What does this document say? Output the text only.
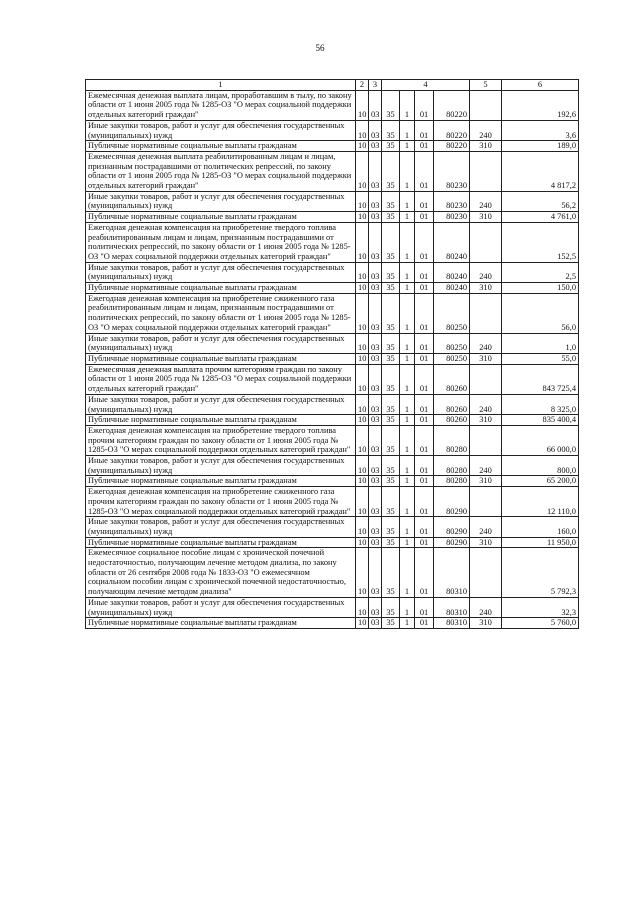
56
1	2	3	4				5	6
Ежемесячная денежная выплата лицам, проработавшим в тылу, по закону области от 1 июня 2005 года № 1285-ОЗ "О мерах социальной поддержки отдельных категорий граждан"	10	03	35	1	01	80220		192,6
Иные закупки товаров, работ и услуг для обеспечения государственных (муниципальных) нужд	10	03	35	1	01	80220	240	3,6
Публичные нормативные социальные выплаты гражданам	10	03	35	1	01	80220	310	189,0
Ежемесячная денежная выплата реабилитированным лицам и лицам, признанным пострадавшими от политических репрессий, по закону области от 1 июня 2005 года № 1285-ОЗ "О мерах социальной поддержки отдельных категорий граждан"	10	03	35	1	01	80230		4 817,2
Иные закупки товаров, работ и услуг для обеспечения государственных (муниципальных) нужд	10	03	35	1	01	80230	240	56,2
Публичные нормативные социальные выплаты гражданам	10	03	35	1	01	80230	310	4 761,0
Ежегодная денежная компенсация на приобретение твердого топлива реабилитированным лицам и лицам, признанным пострадавшими от политических репрессий, по закону области от 1 июня 2005 года № 1285-ОЗ "О мерах социальной поддержки отдельных категорий граждан"	10	03	35	1	01	80240		152,5
Иные закупки товаров, работ и услуг для обеспечения государственных (муниципальных) нужд	10	03	35	1	01	80240	240	2,5
Публичные нормативные социальные выплаты гражданам	10	03	35	1	01	80240	310	150,0
Ежегодная денежная компенсация на приобретение сжиженного газа реабилитированным лицам и лицам, признанным пострадавшими от политических репрессий, по закону области от 1 июня 2005 года № 1285-ОЗ "О мерах социальной поддержки отдельных категорий граждан"	10	03	35	1	01	80250		56,0
Иные закупки товаров, работ и услуг для обеспечения государственных (муниципальных) нужд	10	03	35	1	01	80250	240	1,0
Публичные нормативные социальные выплаты гражданам	10	03	35	1	01	80250	310	55,0
Ежемесячная денежная выплата прочим категориям граждан по закону области от 1 июня 2005 года № 1285-ОЗ "О мерах социальной поддержки отдельных категорий граждан"	10	03	35	1	01	80260		843 725,4
Иные закупки товаров, работ и услуг для обеспечения государственных (муниципальных) нужд	10	03	35	1	01	80260	240	8 325,0
Публичные нормативные социальные выплаты гражданам	10	03	35	1	01	80260	310	835 400,4
Ежегодная денежная компенсация на приобретение твердого топлива прочим категориям граждан по закону области от 1 июня 2005 года № 1285-ОЗ "О мерах социальной поддержки отдельных категорий граждан"	10	03	35	1	01	80280		66 000,0
Иные закупки товаров, работ и услуг для обеспечения государственных (муниципальных) нужд	10	03	35	1	01	80280	240	800,0
Публичные нормативные социальные выплаты гражданам	10	03	35	1	01	80280	310	65 200,0
Ежегодная денежная компенсация на приобретение сжиженного газа прочим категориям граждан по закону области от 1 июня 2005 года № 1285-ОЗ "О мерах социальной поддержки отдельных категорий граждан"	10	03	35	1	01	80290		12 110,0
Иные закупки товаров, работ и услуг для обеспечения государственных (муниципальных) нужд	10	03	35	1	01	80290	240	160,0
Публичные нормативные социальные выплаты гражданам	10	03	35	1	01	80290	310	11 950,0
Ежемесячное социальное пособие лицам с хронической почечной недостаточностью, получающим лечение методом диализа, по закону области от 26 сентября 2008 года № 1833-ОЗ "О ежемесячном социальном пособии лицам с хронической почечной недостаточностью, получающим лечение методом диализа"	10	03	35	1	01	80310		5 792,3
Иные закупки товаров, работ и услуг для обеспечения государственных (муниципальных) нужд	10	03	35	1	01	80310	240	32,3
Публичные нормативные социальные выплаты гражданам	10	03	35	1	01	80310	310	5 760,0
